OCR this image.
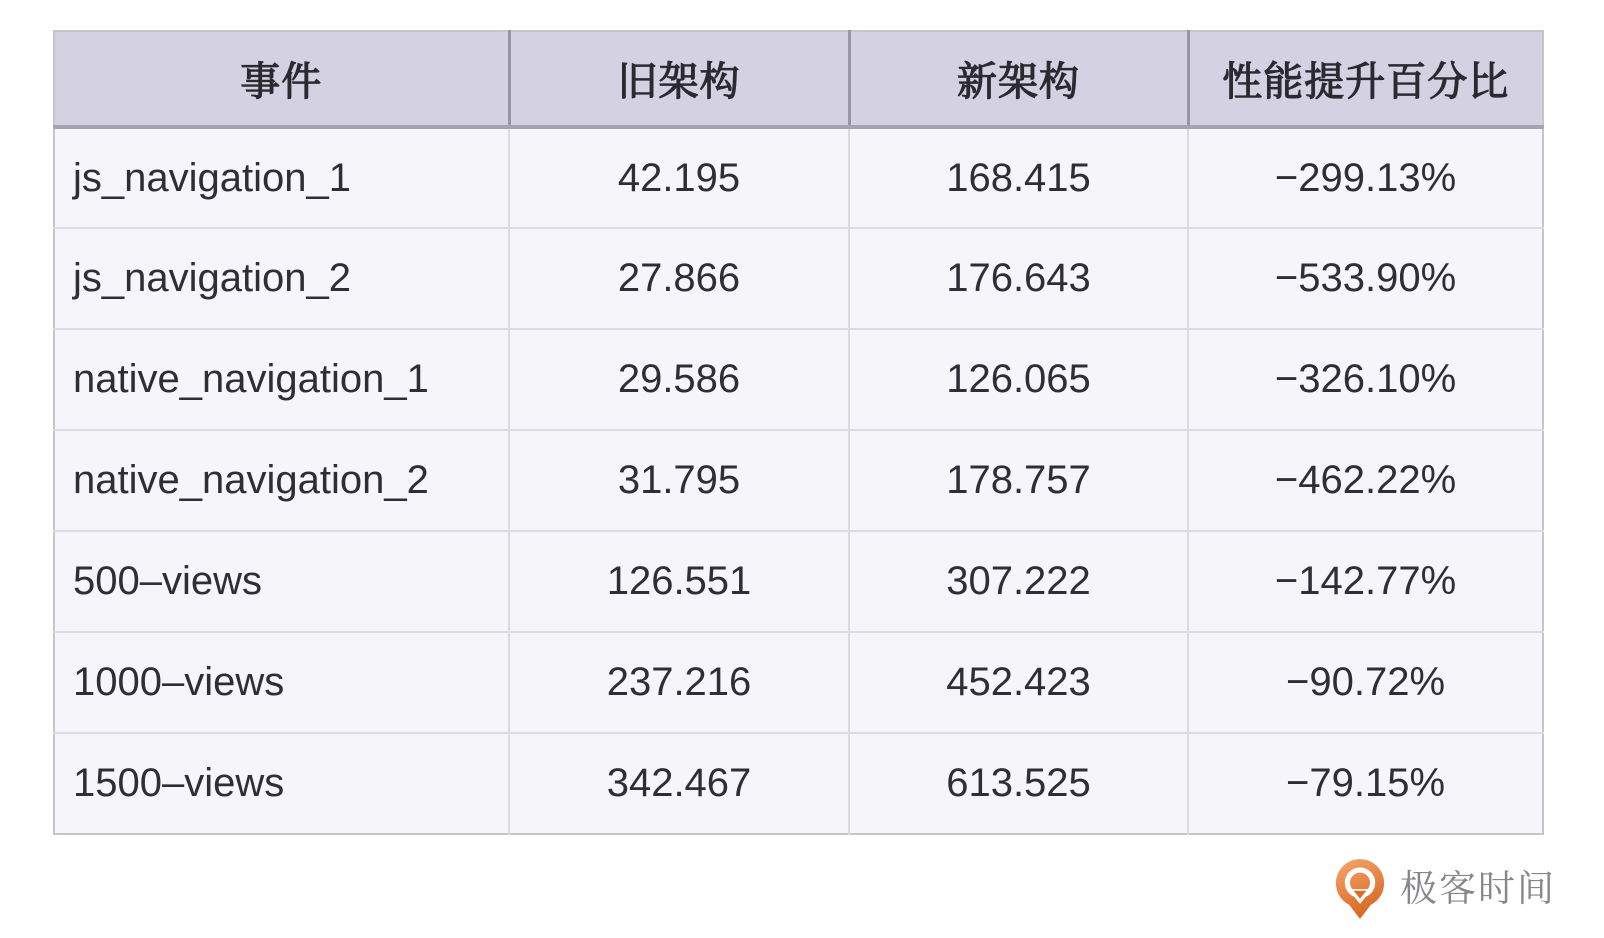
事件	旧架构	新架构	性能提升百分比
js_navigation_1	42.195	168.415	−299.13%
js_navigation_2	27.866	176.643	−533.90%
native_navigation_1	29.586	126.065	−326.10%
native_navigation_2	31.795	178.757	−462.22%
500–views	126.551	307.222	−142.77%
1000–views	237.216	452.423	−90.72%
1500–views	342.467	613.525	−79.15%
极客时间
